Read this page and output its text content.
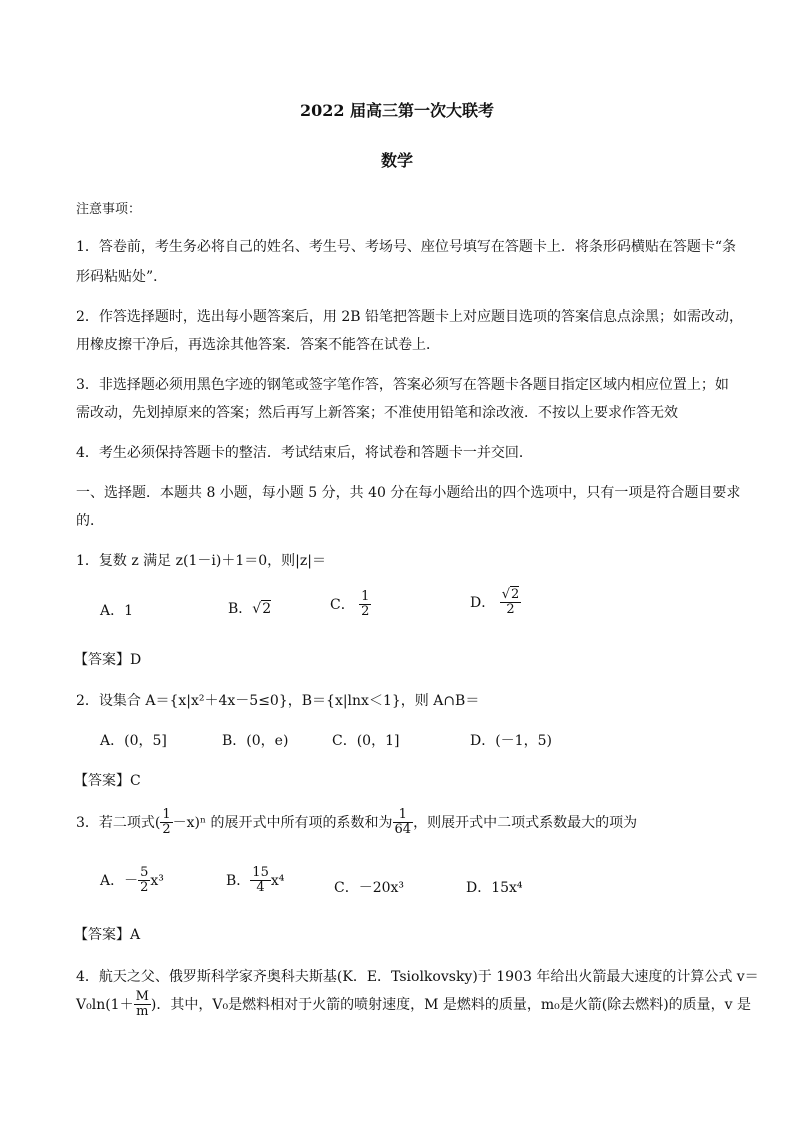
2022 届高三第一次大联考
数学
注意事项：
1．答卷前，考生务必将自己的姓名、考生号、考场号、座位号填写在答题卡上．将条形码横贴在答题卡“条
形码粘贴处”．
2．作答选择题时，选出每小题答案后，用 2B 铅笔把答题卡上对应题目选项的答案信息点涂黑；如需改动，
用橡皮擦干净后，再选涂其他答案．答案不能答在试卷上．
3．非选择题必须用黑色字迹的钢笔或签字笔作答，答案必须写在答题卡各题目指定区域内相应位置上；如
需改动，先划掉原来的答案；然后再写上新答案；不准使用铅笔和涂改液．不按以上要求作答无效
4．考生必须保持答题卡的整洁．考试结束后，将试卷和答题卡一并交回．
一、选择题．本题共 8 小题，每小题 5 分，共 40 分在每小题给出的四个选项中，只有一项是符合题目要求
的．
1．复数 z 满足 z(1－i)＋1＝0，则|z|＝
A．1	B．√2	C． $\frac{1}{2}$	D． $\frac{√2}{2}$
【答案】D
2．设集合 A＝{x|x²＋4x－5≤0}，B＝{x|lnx＜1}，则 A∩B＝
A．(0，5]	B．(0，e)	C．(0，1]	D．(－1，5)
【答案】C
3．若二项式( $\frac{1}{2} -x)^n$ 的展开式中所有项的系数和为 $\frac{1}{64}$ ，则展开式中二项式系数最大的项为
A．－ $\frac{5}{2} x^3$	B． $\frac{15}{4} x^4$	C．－20x³	D．15x⁴
【答案】A
4．航天之父、俄罗斯科学家齐奥科夫斯基(K．E．Tsiolkovsky)于 1903 年给出火箭最大速度的计算公式 v＝
$V_0\ln(1+ \frac{M}{m}$ )．其中，V₀是燃料相对于火箭的喷射速度，M 是燃料的质量，m₀是火箭(除去燃料)的质量，v 是
